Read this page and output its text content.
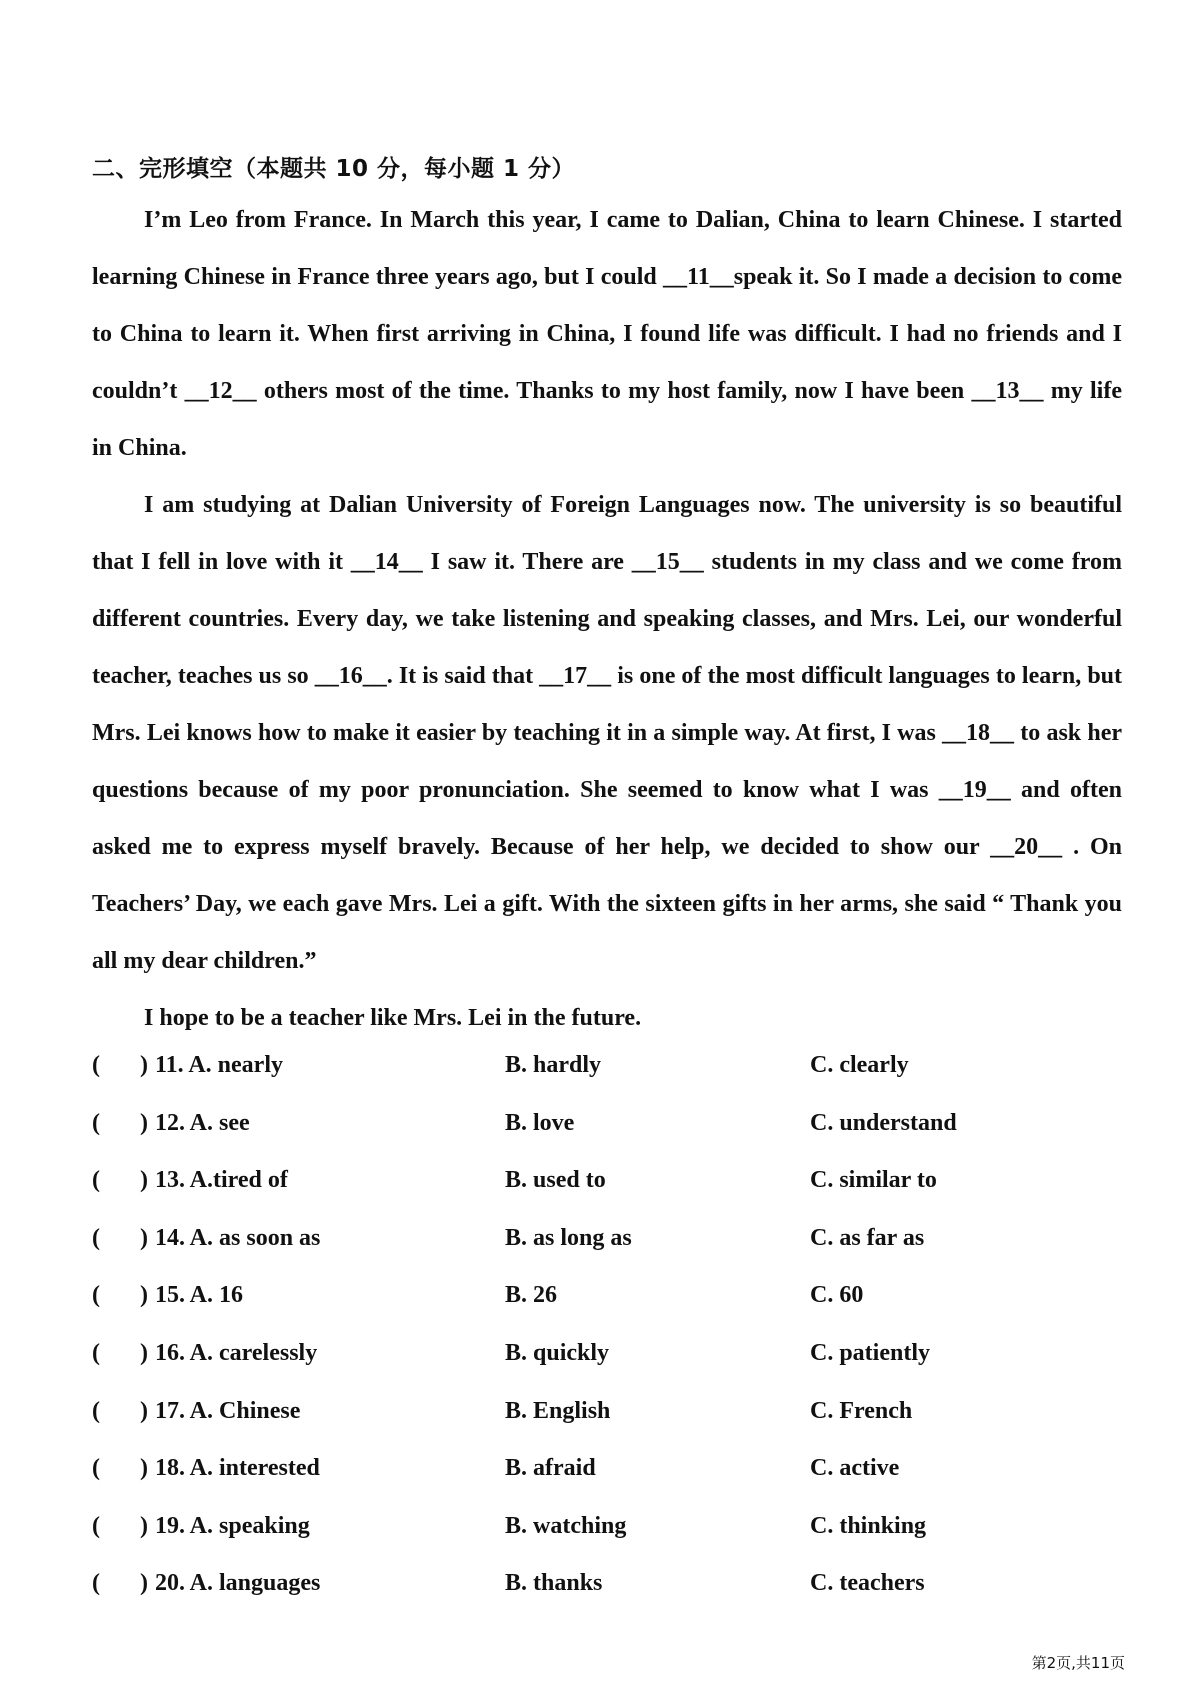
二、完形填空（本题共 10 分，每小题 1 分）

I’m Leo from France. In March this year, I came to Dalian, China to learn Chinese. I started learning Chinese in France three years ago, but I could __11__speak it. So I made a decision to come to China to learn it. When first arriving in China, I found life was difficult. I had no friends and I couldn’t __12__ others most of the time. Thanks to my host family, now I have been __13__ my life in China.

I am studying at Dalian University of Foreign Languages now. The university is so beautiful that I fell in love with it __14__ I saw it. There are __15__ students in my class and we come from different countries. Every day, we take listening and speaking classes, and Mrs. Lei, our wonderful teacher, teaches us so __16__. It is said that __17__ is one of the most difficult languages to learn, but Mrs. Lei knows how to make it easier by teaching it in a simple way. At first, I was __18__ to ask her questions because of my poor pronunciation. She seemed to know what I was __19__ and often asked me to express myself bravely. Because of her help, we decided to show our __20__ . On Teachers’ Day, we each gave Mrs. Lei a gift. With the sixteen gifts in her arms, she said “ Thank you all my dear children.”

I hope to be a teacher like Mrs. Lei in the future.

( ) 11. A. nearly	B. hardly	C. clearly
( ) 12. A. see	B. love	C. understand
( ) 13. A.tired of	B. used to	C. similar to
( ) 14. A. as soon as	B. as long as	C. as far as
( ) 15. A. 16	B. 26	C. 60
( ) 16. A. carelessly	B. quickly	C. patiently
( ) 17. A. Chinese	B. English	C. French
( ) 18. A. interested	B. afraid	C. active
( ) 19. A. speaking	B. watching	C. thinking
( ) 20. A. languages	B. thanks	C. teachers
第2页,共11页
